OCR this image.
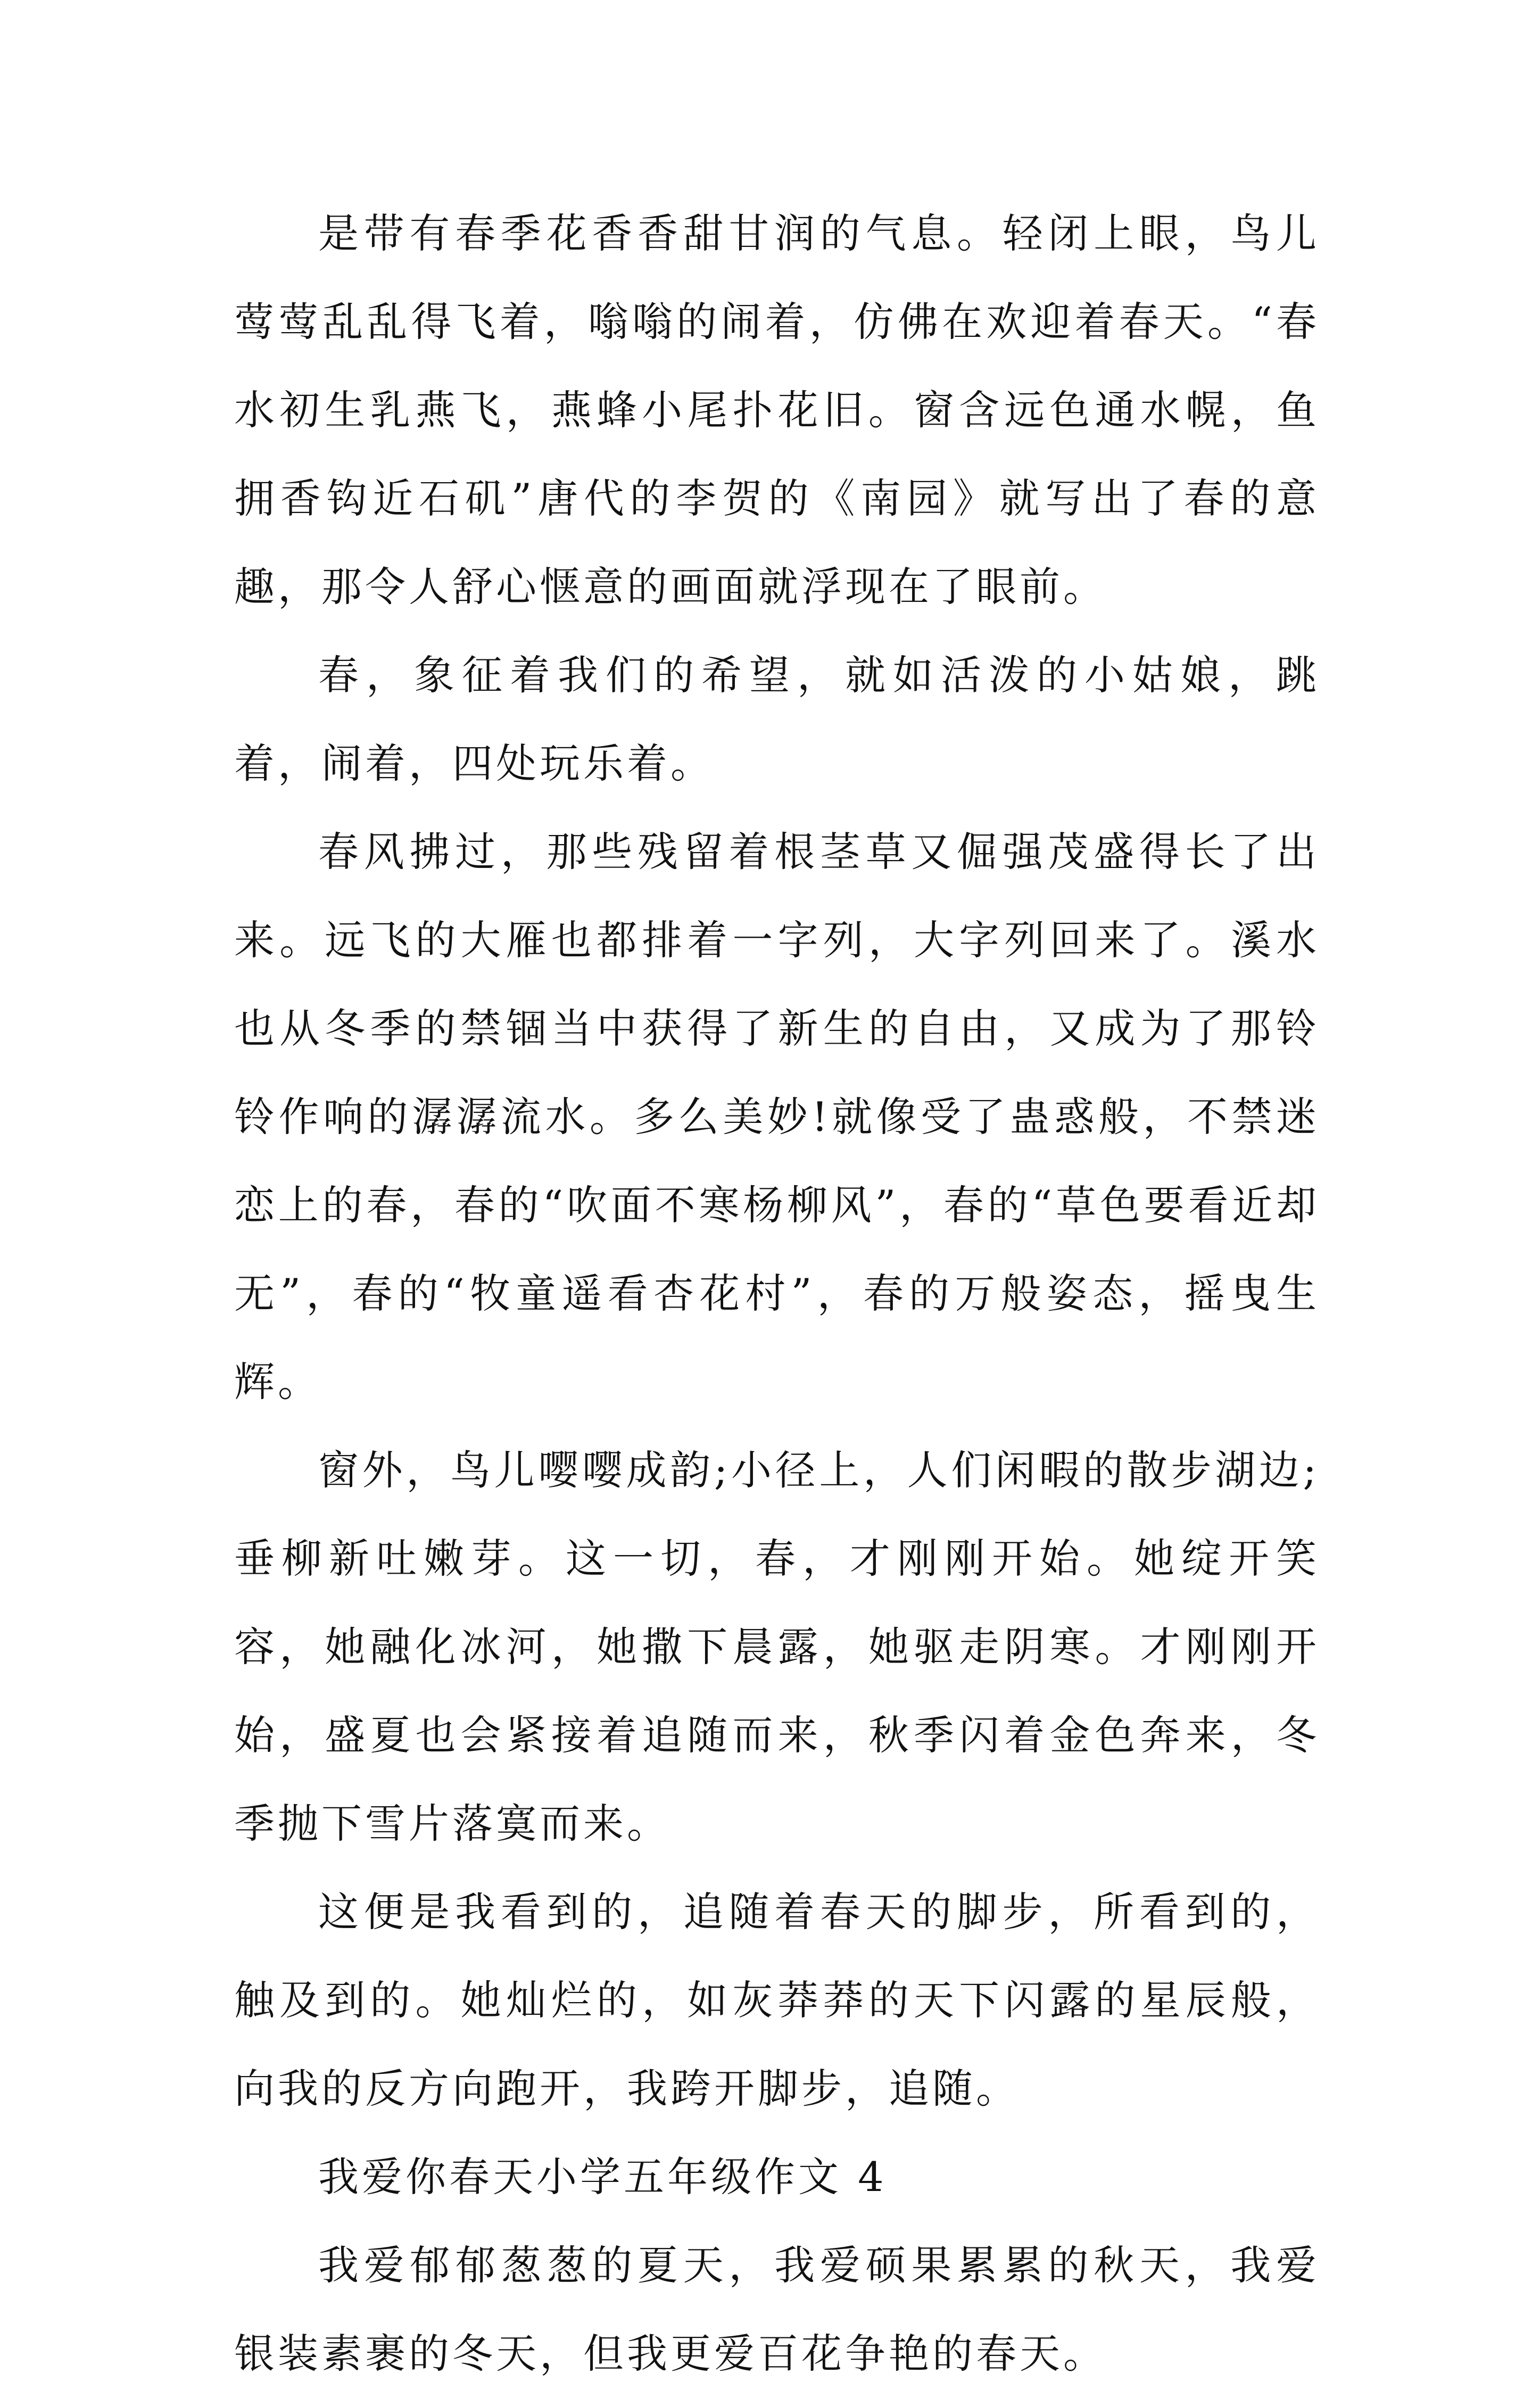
是带有春季花香香甜甘润的气息。轻闭上眼，鸟儿莺莺乱乱得飞着，嗡嗡的闹着，仿佛在欢迎着春天。“春水初生乳燕飞，燕蜂小尾扑花旧。窗含远色通水幌，鱼拥香钩近石矶”唐代的李贺的《南园》就写出了春的意趣，那令人舒心惬意的画面就浮现在了眼前。

春，象征着我们的希望，就如活泼的小姑娘，跳着，闹着，四处玩乐着。

春风拂过，那些残留着根茎草又倔强茂盛得长了出来。远飞的大雁也都排着一字列，大字列回来了。溪水也从冬季的禁锢当中获得了新生的自由，又成为了那铃铃作响的潺潺流水。多么美妙!就像受了蛊惑般，不禁迷恋上的春，春的“吹面不寒杨柳风”，春的“草色要看近却无”，春的“牧童遥看杏花村”，春的万般姿态，摇曳生辉。

窗外，鸟儿嘤嘤成韵;小径上，人们闲暇的散步湖边;垂柳新吐嫩芽。这一切，春，才刚刚开始。她绽开笑容，她融化冰河，她撒下晨露，她驱走阴寒。才刚刚开始，盛夏也会紧接着追随而来，秋季闪着金色奔来，冬季抛下雪片落寞而来。

这便是我看到的，追随着春天的脚步，所看到的，触及到的。她灿烂的，如灰莽莽的天下闪露的星辰般，向我的反方向跑开，我跨开脚步，追随。

我爱你春天小学五年级作文 4

我爱郁郁葱葱的夏天，我爱硕果累累的秋天，我爱银装素裹的冬天，但我更爱百花争艳的春天。
